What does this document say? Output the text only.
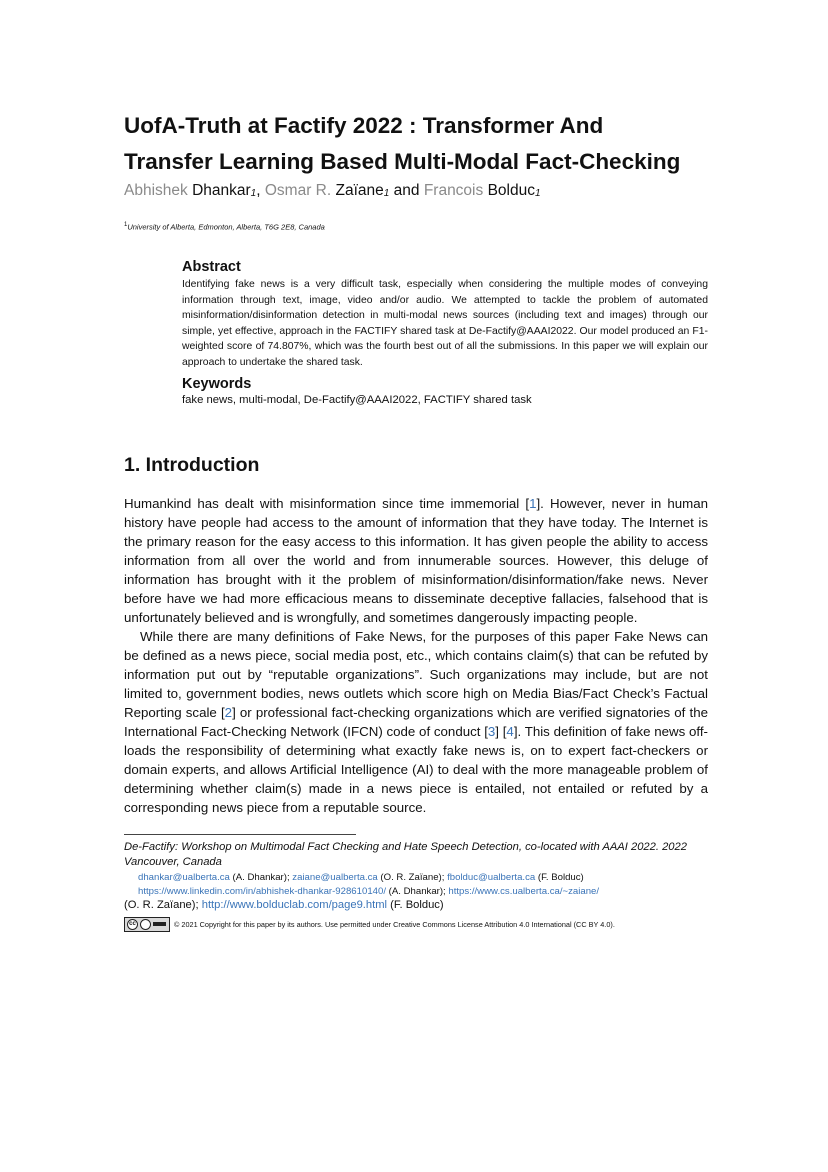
UofA-Truth at Factify 2022 : Transformer And
Transfer Learning Based Multi-Modal Fact-Checking
Abhishek Dhankar$_1$, Osmar R. Zaïane$_1$ and Francois Bolduc$_1$
$^1$University of Alberta, Edmonton, Alberta, T6G 2E8, Canada
Abstract

Identifying fake news is a very difficult task, especially when considering the multiple modes of conveying information through text, image, video and/or audio. We attempted to tackle the problem of automated misinformation/disinformation detection in multi-modal news sources (including text and images) through our simple, yet effective, approach in the FACTIFY shared task at De-Factify@AAAI2022. Our model produced an F1-weighted score of 74.807%, which was the fourth best out of all the submissions. In this paper we will explain our approach to undertake the shared task.

Keywords

fake news, multi-modal, De-Factify@AAAI2022, FACTIFY shared task

1. Introduction

Humankind has dealt with misinformation since time immemorial [1]. However, never in human history have people had access to the amount of information that they have today. The Internet is the primary reason for the easy access to this information. It has given people the ability to access information from all over the world and from innumerable sources. However, this deluge of information has brought with it the problem of misinformation/disinformation/fake news. Never before have we had more efficacious means to disseminate deceptive fallacies, falsehood that is unfortunately believed and is wrongfully, and sometimes dangerously impacting people.

While there are many definitions of Fake News, for the purposes of this paper Fake News can be defined as a news piece, social media post, etc., which contains claim(s) that can be refuted by information put out by “reputable organizations”. Such organizations may include, but are not limited to, government bodies, news outlets which score high on Media Bias/Fact Check’s Factual Reporting scale [2] or professional fact-checking organizations which are verified signatories of the International Fact-Checking Network (IFCN) code of conduct [3] [4]. This definition of fake news off-loads the responsibility of determining what exactly fake news is, on to expert fact-checkers or domain experts, and allows Artificial Intelligence (AI) to deal with the more manageable problem of determining whether claim(s) made in a news piece is entailed, not entailed or refuted by a corresponding news piece from a reputable source.

De-Factify: Workshop on Multimodal Fact Checking and Hate Speech Detection, co-located with AAAI 2022. 2022 Vancouver, Canada

dhankar@ualberta.ca (A. Dhankar); zaiane@ualberta.ca (O. R. Zaïane); fbolduc@ualberta.ca (F. Bolduc)
https://www.linkedin.com/in/abhishek-dhankar-928610140/ (A. Dhankar); https://www.cs.ualberta.ca/~zaiane/

(O. R. Zaïane); http://www.bolduclab.com/page9.html (F. Bolduc)

cc	© 2021 Copyright for this paper by its authors. Use permitted under Creative Commons License Attribution 4.0 International (CC BY 4.0).
